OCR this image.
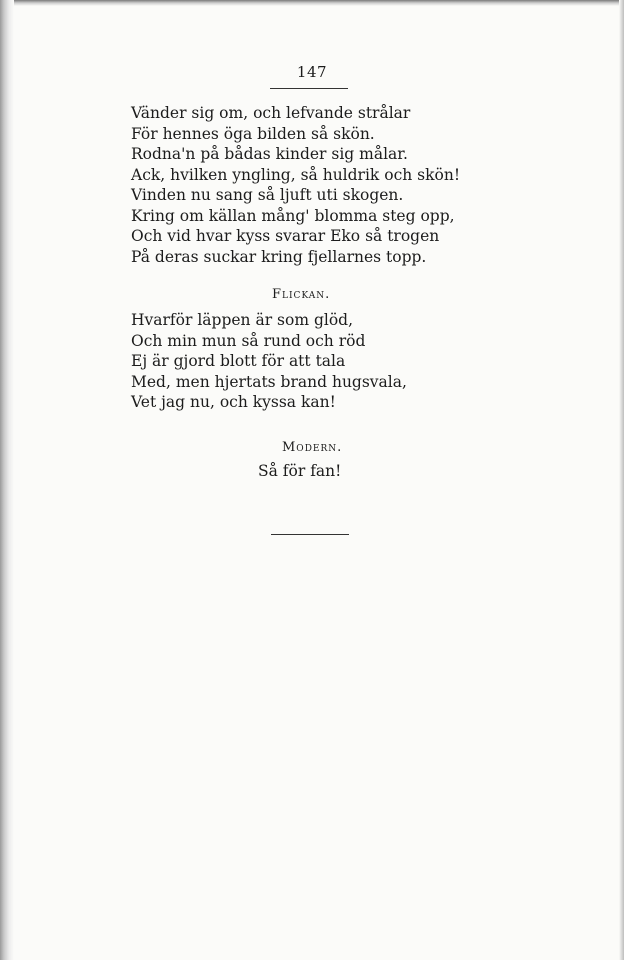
147
Vänder sig om, och lefvande strålar
För hennes öga bilden så skön.
Rodna'n på bådas kinder sig målar.
Ack, hvilken yngling, så huldrik och skön!
Vinden nu sang så ljuft uti skogen.
Kring om källan mång' blomma steg opp,
Och vid hvar kyss svarar Eko så trogen
På deras suckar kring fjellarnes topp.
Flickan.
Hvarför läppen är som glöd,
Och min mun så rund och röd
Ej är gjord blott för att tala
Med, men hjertats brand hugsvala,
Vet jag nu, och kyssa kan!
Modern.
Så för fan!
